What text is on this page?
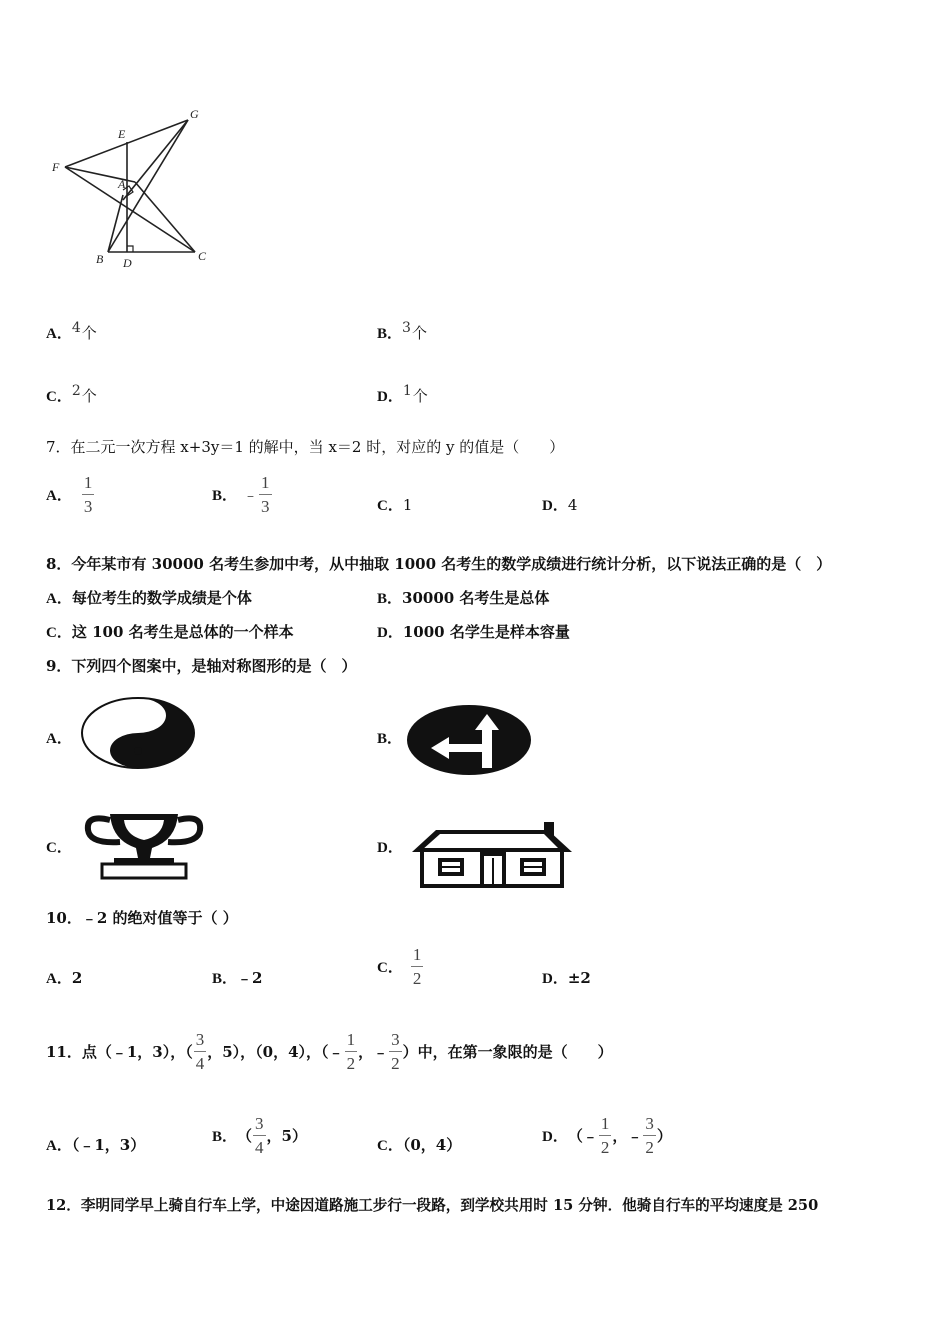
E
G
F
A
B D	C
A．4个	B．3个
C．2个	D．1个
7．在二元一次方程 x+3y＝1 的解中，当 x＝2 时，对应的 y 的值是（　　）
A． $\frac{1}{3}$	B． ﹣ $\frac{1}{3}$	C．1	D．4
8．今年某市有 30000 名考生参加中考，从中抽取 1000 名考生的数学成绩进行统计分析，以下说法正确的是（　）
A．每位考生的数学成绩是个体	B．30000 名考生是总体
C．这 100 名考生是总体的一个样本	D．1000 名学生是样本容量
9．下列四个图案中，是轴对称图形的是（　）
A．	B．
C．	D．
10．﹣2 的绝对值等于（ ）
A．2	B．﹣2
C． $\frac{1}{2}$	D．±2
11．点（﹣1，3），（ $\frac{3}{4}$ ，5），（0，4），（﹣ $\frac{1}{2}$ ，﹣ $\frac{3}{2}$ ）中，在第一象限的是（　　）
A．（﹣1，3）	B． （ $\frac{3}{4}$ ，5）
C．（0，4）	D． （﹣ $\frac{1}{2}$ ，﹣ $\frac{3}{2}$ ）
12．李明同学早上骑自行车上学，中途因道路施工步行一段路，到学校共用时 15 分钟．他骑自行车的平均速度是 250
